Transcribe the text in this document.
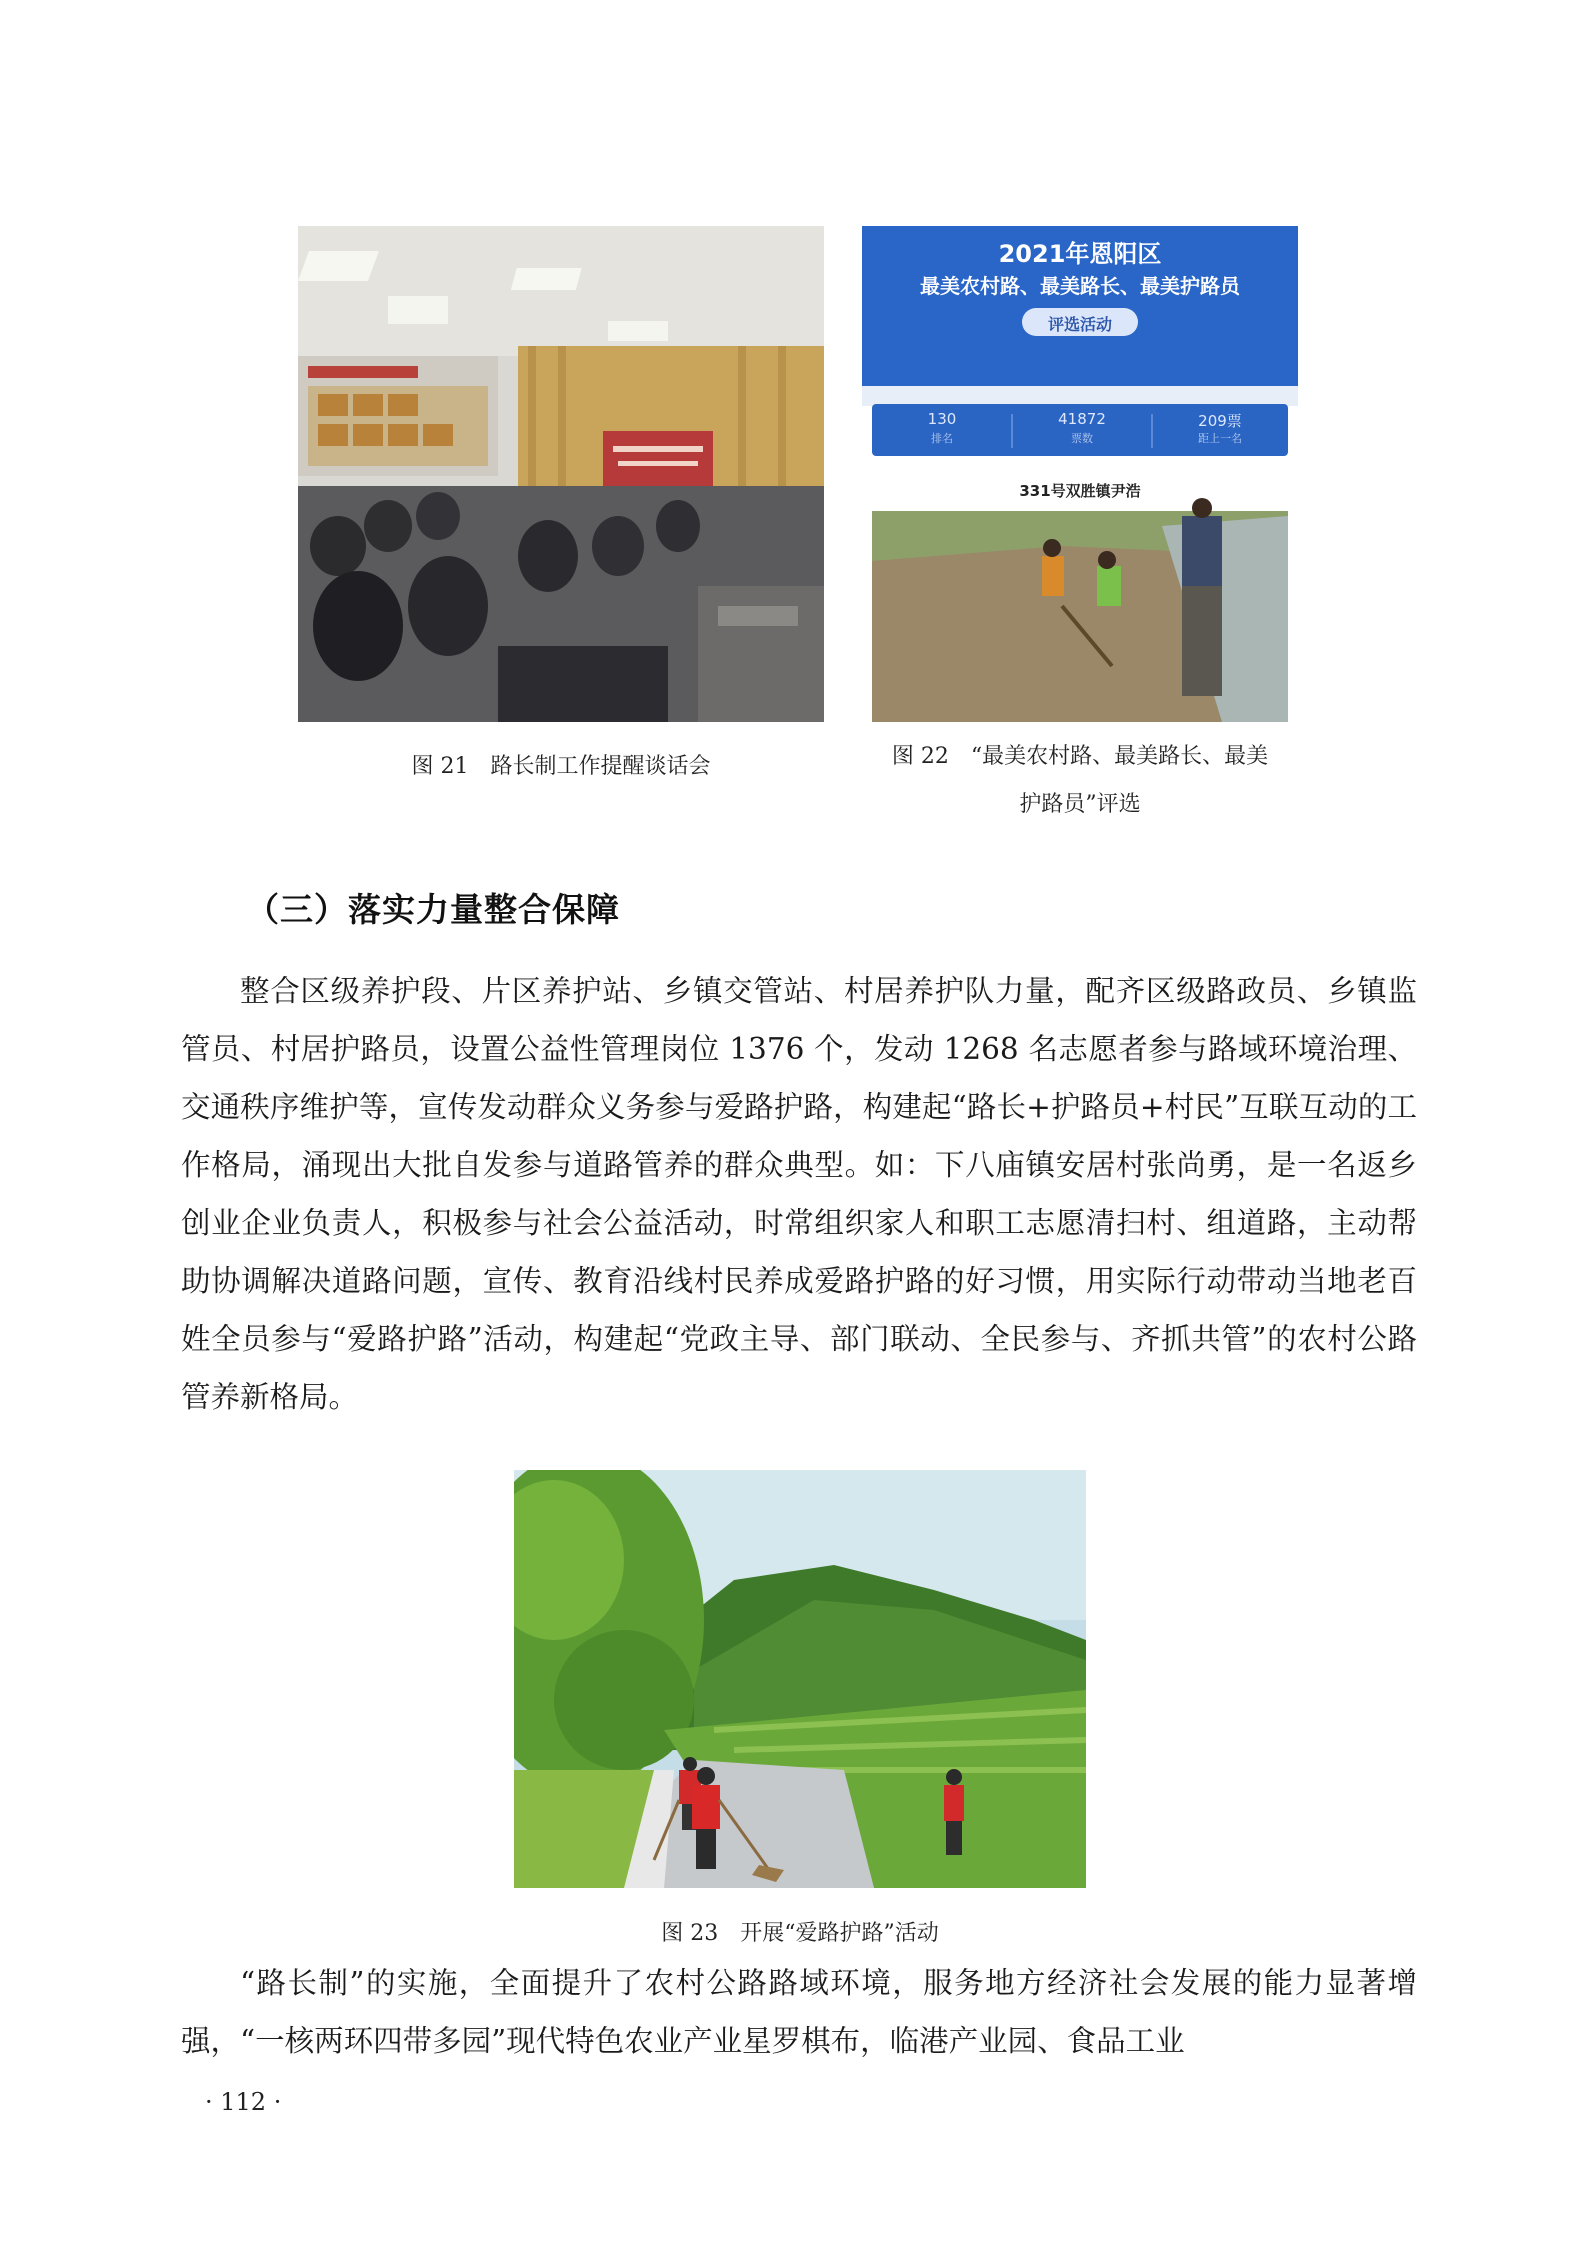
图 21　路长制工作提醒谈话会
2021年恩阳区
最美农村路、最美路长、最美护路员
评选活动
130
排名
41872
票数
209票
距上一名
331号双胜镇尹浩
图 22　“最美农村路、最美路长、最美
护路员”评选
（三）落实力量整合保障

整合区级养护段、片区养护站、乡镇交管站、村居养护队力量，配齐区级路政员、乡镇监管员、村居护路员，设置公益性管理岗位 1376 个，发动 1268 名志愿者参与路域环境治理、交通秩序维护等，宣传发动群众义务参与爱路护路，构建起“路长+护路员+村民”互联互动的工作格局，涌现出大批自发参与道路管养的群众典型。如：下八庙镇安居村张尚勇，是一名返乡创业企业负责人，积极参与社会公益活动，时常组织家人和职工志愿清扫村、组道路，主动帮助协调解决道路问题，宣传、教育沿线村民养成爱路护路的好习惯，用实际行动带动当地老百姓全员参与“爱路护路”活动，构建起“党政主导、部门联动、全民参与、齐抓共管”的农村公路管养新格局。

图 23　开展“爱路护路”活动

“路长制”的实施，全面提升了农村公路路域环境，服务地方经济社会发展的能力显著增强，“一核两环四带多园”现代特色农业产业星罗棋布，临港产业园、食品工业

· 112 ·
